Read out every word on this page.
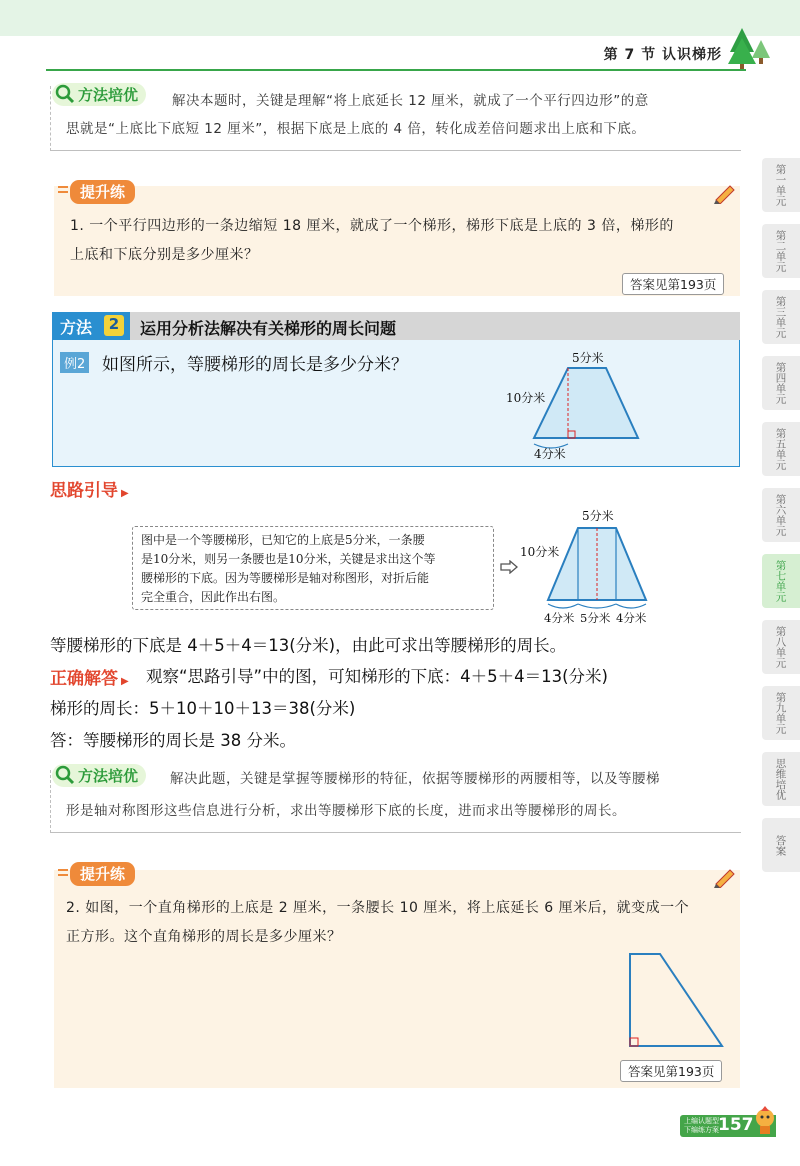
第 7 节 认识梯形
方法培优	解决本题时，关键是理解“将上底延长 12 厘米，就成了一个平行四边形”的意
思就是“上底比下底短 12 厘米”，根据下底是上底的 4 倍，转化成差倍问题求出上底和下底。
提升练
1. 一个平行四边形的一条边缩短 18 厘米，就成了一个梯形，梯形下底是上底的 3 倍，梯形的
上底和下底分别是多少厘米？
答案见第193页
方法	2 运用分析法解决有关梯形的周长问题
例2 如图所示，等腰梯形的周长是多少分米？	5分米
10分米
4分米
思路引导 ▶
图中是一个等腰梯形，已知它的上底是5分米，一条腰
是10分米，则另一条腰也是10分米，关键是求出这个等
腰梯形的下底。因为等腰梯形是轴对称图形，对折后能
完全重合，因此作出右图。
5分米
10分米
4分米 5分米 4分米
等腰梯形的下底是 4＋5＋4＝13(分米)，由此可求出等腰梯形的周长。
正确解答 ▶ 观察“思路引导”中的图，可知梯形的下底：4＋5＋4＝13(分米)
梯形的周长：5＋10＋10＋13＝38(分米)
答：等腰梯形的周长是 38 分米。
方法培优	解决此题，关键是掌握等腰梯形的特征，依据等腰梯形的两腰相等，以及等腰梯
形是轴对称图形这些信息进行分析，求出等腰梯形下底的长度，进而求出等腰梯形的周长。
提升练
2. 如图，一个直角梯形的上底是 2 厘米，一条腰长 10 厘米，将上底延长 6 厘米后，就变成一个
正方形。这个直角梯形的周长是多少厘米？
答案见第193页
第一单元
第二单元
第三单元
第四单元
第五单元
第六单元
第七单元
第八单元
第九单元
思维培优
答案
上编认题型
下编练方案 157
